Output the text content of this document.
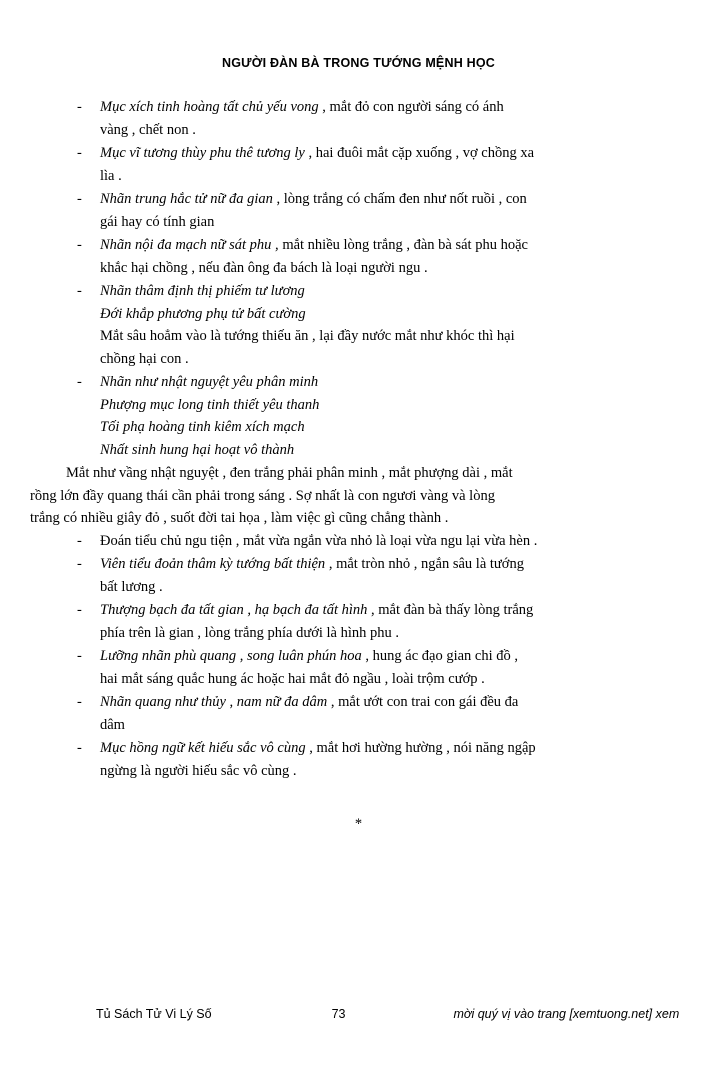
NGƯỜI ĐÀN BÀ TRONG TƯỚNG MỆNH HỌC
-	Mục xích tinh hoàng tất chủ yếu vong , mắt đỏ con người sáng có ánh
vàng , chết non .
-	Mục vĩ tương thùy phu thê tương ly , hai đuôi mắt cặp xuống , vợ chồng xa
lìa .
-	Nhãn trung hắc tử nữ đa gian , lòng trắng có chấm đen như nốt ruồi , con
gái hay có tính gian
-	Nhãn nội đa mạch nữ sát phu , mắt nhiều lòng trắng , đàn bà sát phu hoặc
khắc hại chồng , nếu đàn ông đa bách là loại người ngu .
-	Nhãn thâm định thị phiếm tư lương
Đới khắp phương phụ tử bất cường
Mắt sâu hoẳm vào là tướng thiếu ăn , lại đầy nước mắt như khóc thì hại
chồng hại con .
-	Nhãn như nhật nguyệt yêu phân minh
Phượng mục long tinh thiết yêu thanh
Tối phạ hoàng tinh kiêm xích mạch
Nhất sinh hung hại hoạt vô thành
Mắt như vầng nhật nguyệt , đen trắng phải phân minh , mắt phượng dài , mắt
rồng lớn đầy quang thái cần phải trong sáng . Sợ nhất là con ngươi vàng và lòng
trắng có nhiều giây đỏ , suốt đời tai họa , làm việc gì cũng chẳng thành .
-	Đoán tiểu chủ ngu tiện , mắt vừa ngắn vừa nhỏ là loại vừa ngu lại vừa hèn .
-	Viên tiểu đoản thâm kỳ tướng bất thiện , mắt tròn nhỏ , ngắn sâu là tướng
bất lương .
-	Thượng bạch đa tất gian , hạ bạch đa tất hình , mắt đàn bà thấy lòng trắng
phía trên là gian , lòng trắng phía dưới là hình phu .
-	Lưỡng nhãn phù quang , song luân phún hoa , hung ác đạo gian chi đồ ,
hai mắt sáng quắc hung ác hoặc hai mắt đỏ ngầu , loài trộm cướp .
-	Nhãn quang như thủy , nam nữ đa dâm , mắt ướt con trai con gái đều đa
dâm
-	Mục hồng ngữ kết hiếu sắc vô cùng , mắt hơi hường hường , nói năng ngập
ngừng là người hiếu sắc vô cùng .
*
Tủ Sách Tử Vi Lý Số	73	mời quý vị vào trang [xemtuong.net] xem
